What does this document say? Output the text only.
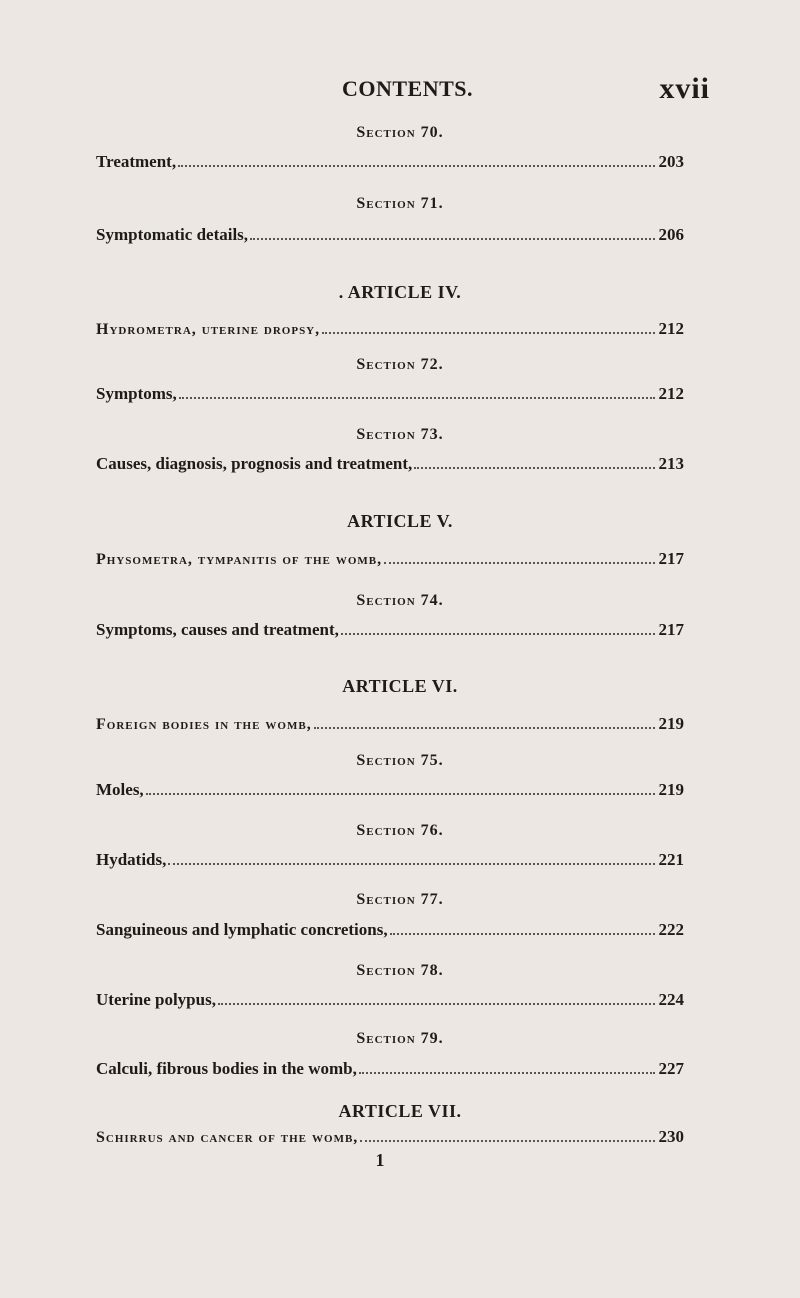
CONTENTS.	xvii
Section 70.
Treatment,	203
Section 71.
Symptomatic details,	206
. ARTICLE IV.
Hydrometra, uterine dropsy,	212
Section 72.
Symptoms,	212
Section 73.
Causes, diagnosis, prognosis and treatment,	213
ARTICLE V.
Physometra, tympanitis of the womb,	217
Section 74.
Symptoms, causes and treatment,	217
ARTICLE VI.
Foreign bodies in the womb,	219
Section 75.
Moles,	219
Section 76.
Hydatids,	221
Section 77.
Sanguineous and lymphatic concretions,	222
Section 78.
Uterine polypus,	224
Section 79.
Calculi, fibrous bodies in the womb,	227
ARTICLE VII.
Schirrus and cancer of the womb,	230
1
